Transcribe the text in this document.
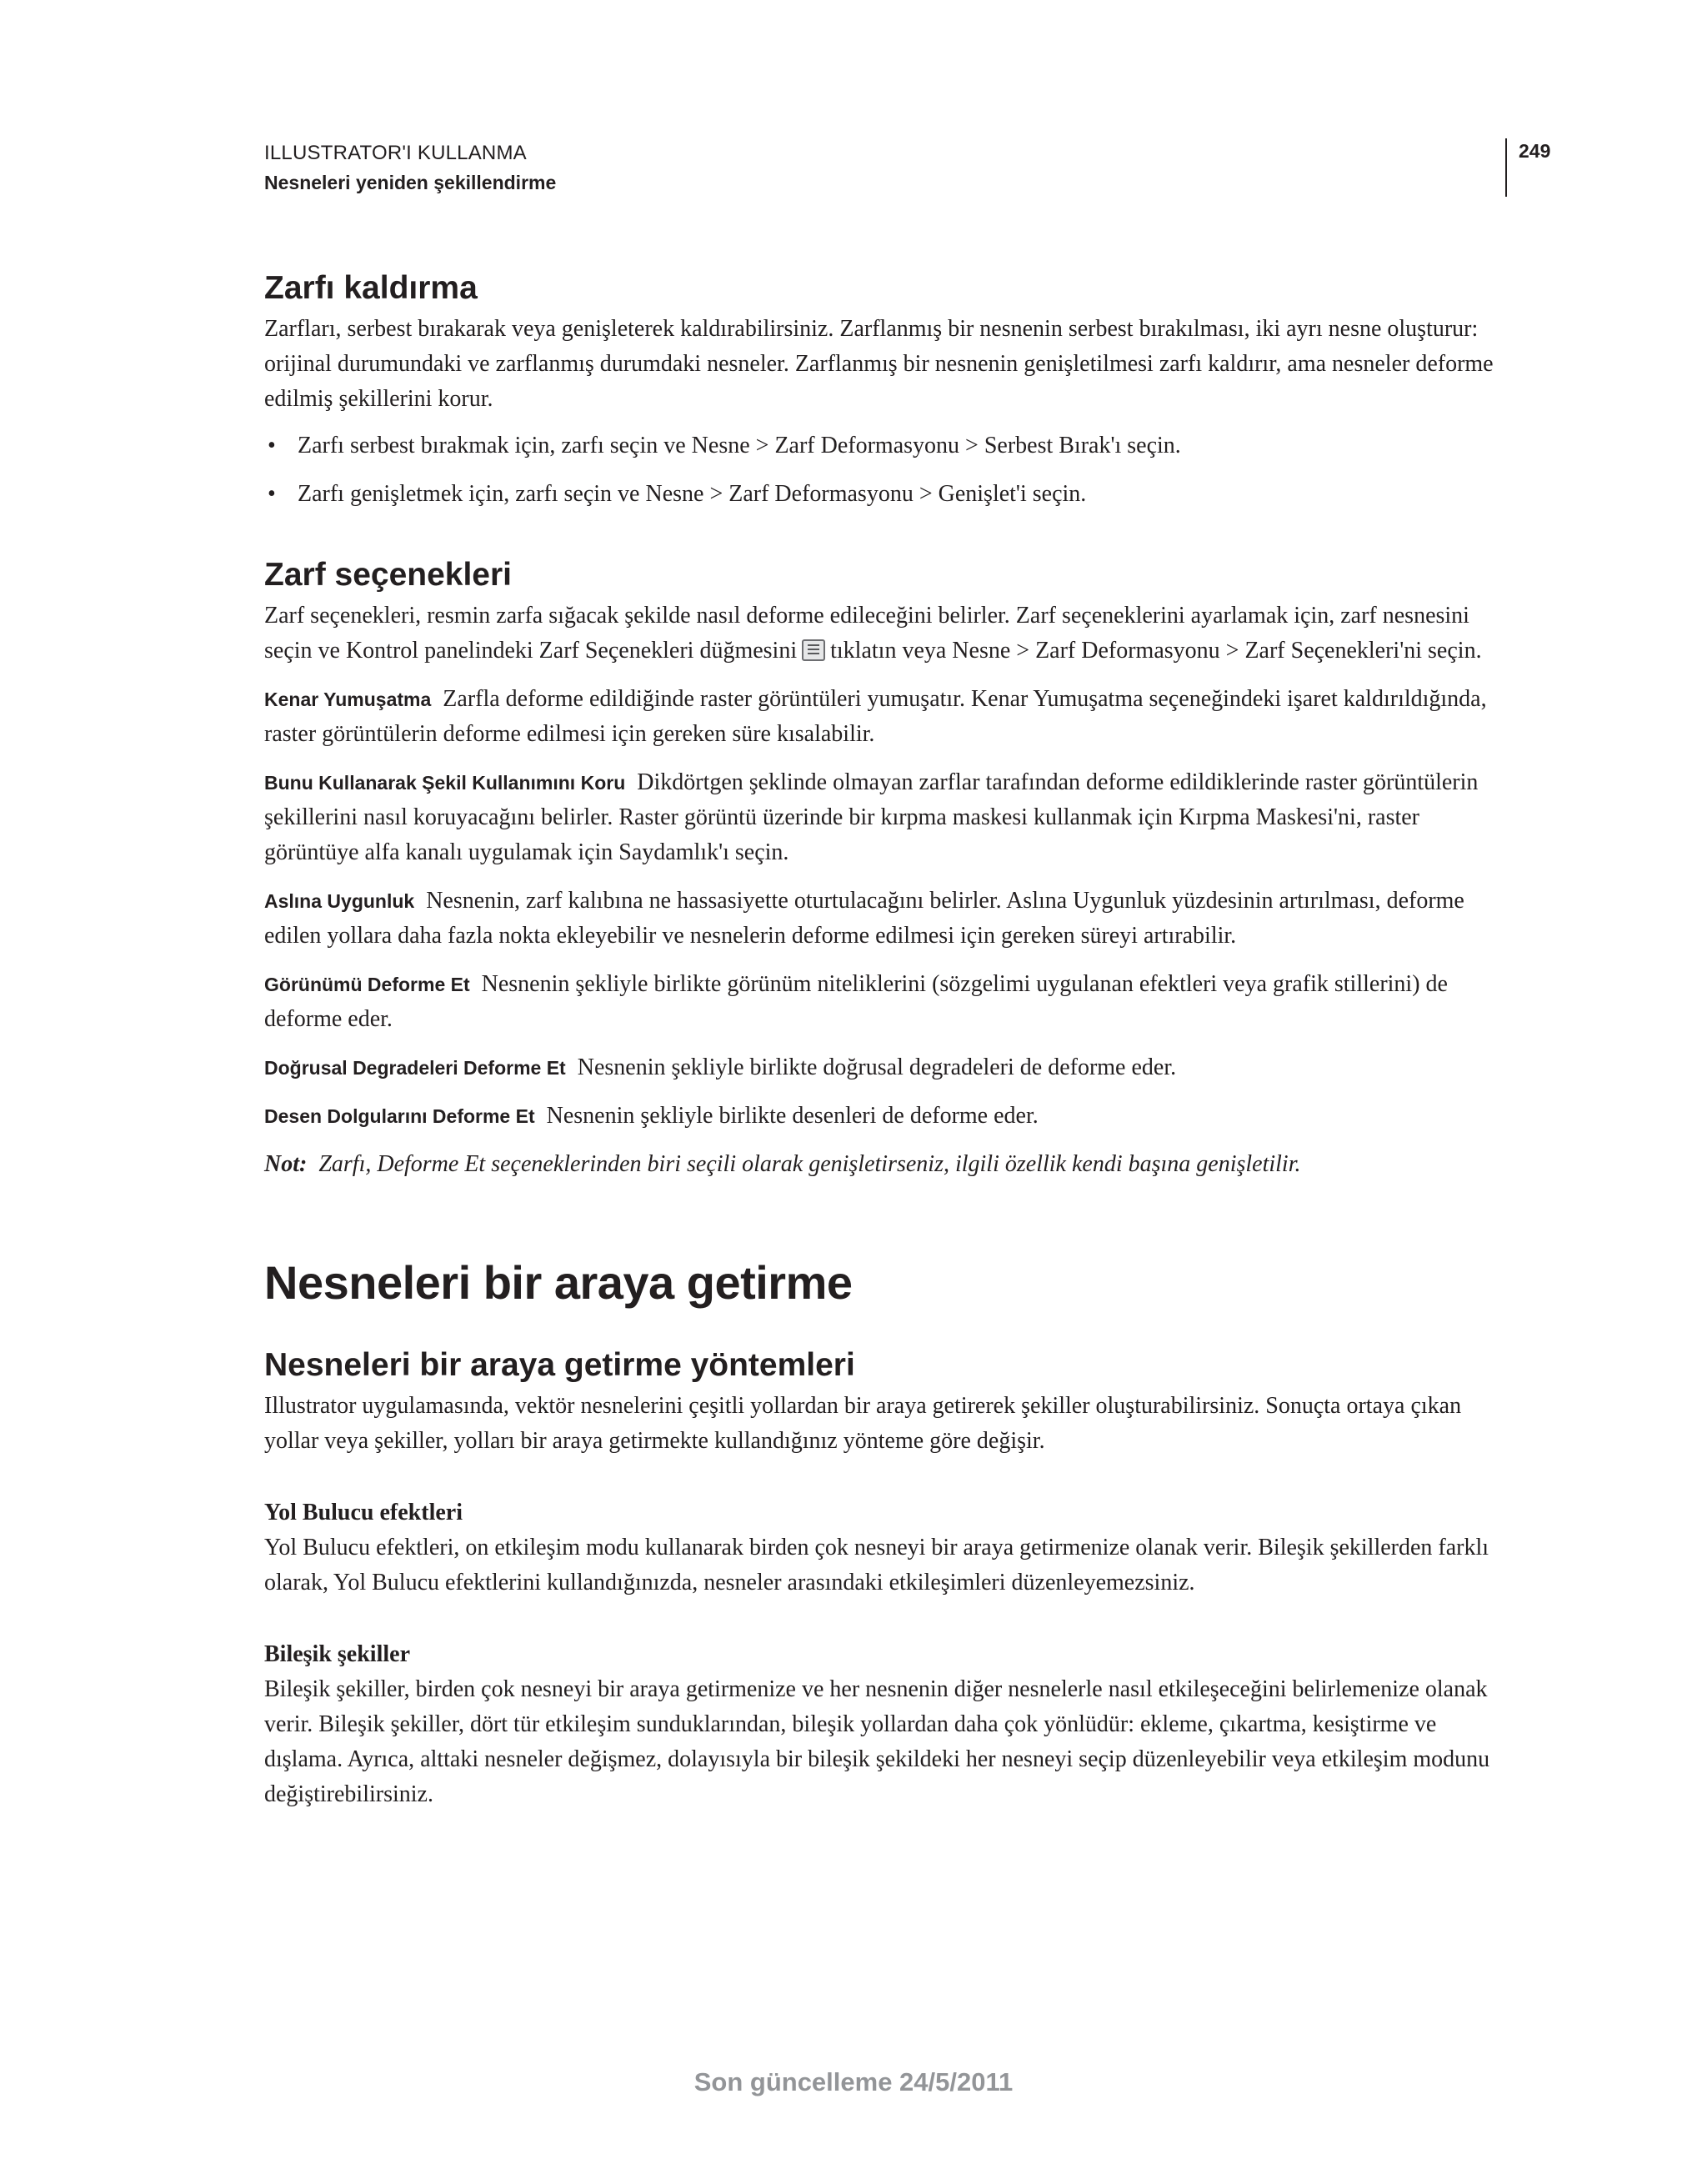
ILLUSTRATOR'I KULLANMA
Nesneleri yeniden şekillendirme
249
Zarfı kaldırma

Zarfları, serbest bırakarak veya genişleterek kaldırabilirsiniz. Zarflanmış bir nesnenin serbest bırakılması, iki ayrı nesne oluşturur: orijinal durumundaki ve zarflanmış durumdaki nesneler. Zarflanmış bir nesnenin genişletilmesi zarfı kaldırır, ama nesneler deforme edilmiş şekillerini korur.

• Zarfı serbest bırakmak için, zarfı seçin ve Nesne > Zarf Deformasyonu > Serbest Bırak'ı seçin.
• Zarfı genişletmek için, zarfı seçin ve Nesne > Zarf Deformasyonu > Genişlet'i seçin.
Zarf seçenekleri

Zarf seçenekleri, resmin zarfa sığacak şekilde nasıl deforme edileceğini belirler. Zarf seçeneklerini ayarlamak için, zarf nesnesini seçin ve Kontrol panelindeki Zarf Seçenekleri düğmesini tıklatın veya Nesne > Zarf Deformasyonu > Zarf Seçenekleri'ni seçin.

Kenar Yumuşatma Zarfla deforme edildiğinde raster görüntüleri yumuşatır. Kenar Yumuşatma seçeneğindeki işaret kaldırıldığında, raster görüntülerin deforme edilmesi için gereken süre kısalabilir.

Bunu Kullanarak Şekil Kullanımını Koru Dikdörtgen şeklinde olmayan zarflar tarafından deforme edildiklerinde raster görüntülerin şekillerini nasıl koruyacağını belirler. Raster görüntü üzerinde bir kırpma maskesi kullanmak için Kırpma Maskesi'ni, raster görüntüye alfa kanalı uygulamak için Saydamlık'ı seçin.

Aslına Uygunluk Nesnenin, zarf kalıbına ne hassasiyette oturtulacağını belirler. Aslına Uygunluk yüzdesinin artırılması, deforme edilen yollara daha fazla nokta ekleyebilir ve nesnelerin deforme edilmesi için gereken süreyi artırabilir.

Görünümü Deforme Et Nesnenin şekliyle birlikte görünüm niteliklerini (sözgelimi uygulanan efektleri veya grafik stillerini) de deforme eder.

Doğrusal Degradeleri Deforme Et Nesnenin şekliyle birlikte doğrusal degradeleri de deforme eder.

Desen Dolgularını Deforme Et Nesnenin şekliyle birlikte desenleri de deforme eder.

Not: Zarfı, Deforme Et seçeneklerinden biri seçili olarak genişletirseniz, ilgili özellik kendi başına genişletilir.

Nesneleri bir araya getirme
Nesneleri bir araya getirme yöntemleri

Illustrator uygulamasında, vektör nesnelerini çeşitli yollardan bir araya getirerek şekiller oluşturabilirsiniz. Sonuçta ortaya çıkan yollar veya şekiller, yolları bir araya getirmekte kullandığınız yönteme göre değişir.

Yol Bulucu efektleri

Yol Bulucu efektleri, on etkileşim modu kullanarak birden çok nesneyi bir araya getirmenize olanak verir. Bileşik şekillerden farklı olarak, Yol Bulucu efektlerini kullandığınızda, nesneler arasındaki etkileşimleri düzenleyemezsiniz.

Bileşik şekiller

Bileşik şekiller, birden çok nesneyi bir araya getirmenize ve her nesnenin diğer nesnelerle nasıl etkileşeceğini belirlemenize olanak verir. Bileşik şekiller, dört tür etkileşim sunduklarından, bileşik yollardan daha çok yönlüdür: ekleme, çıkartma, kesiştirme ve dışlama. Ayrıca, alttaki nesneler değişmez, dolayısıyla bir bileşik şekildeki her nesneyi seçip düzenleyebilir veya etkileşim modunu değiştirebilirsiniz.

Son güncelleme 24/5/2011
